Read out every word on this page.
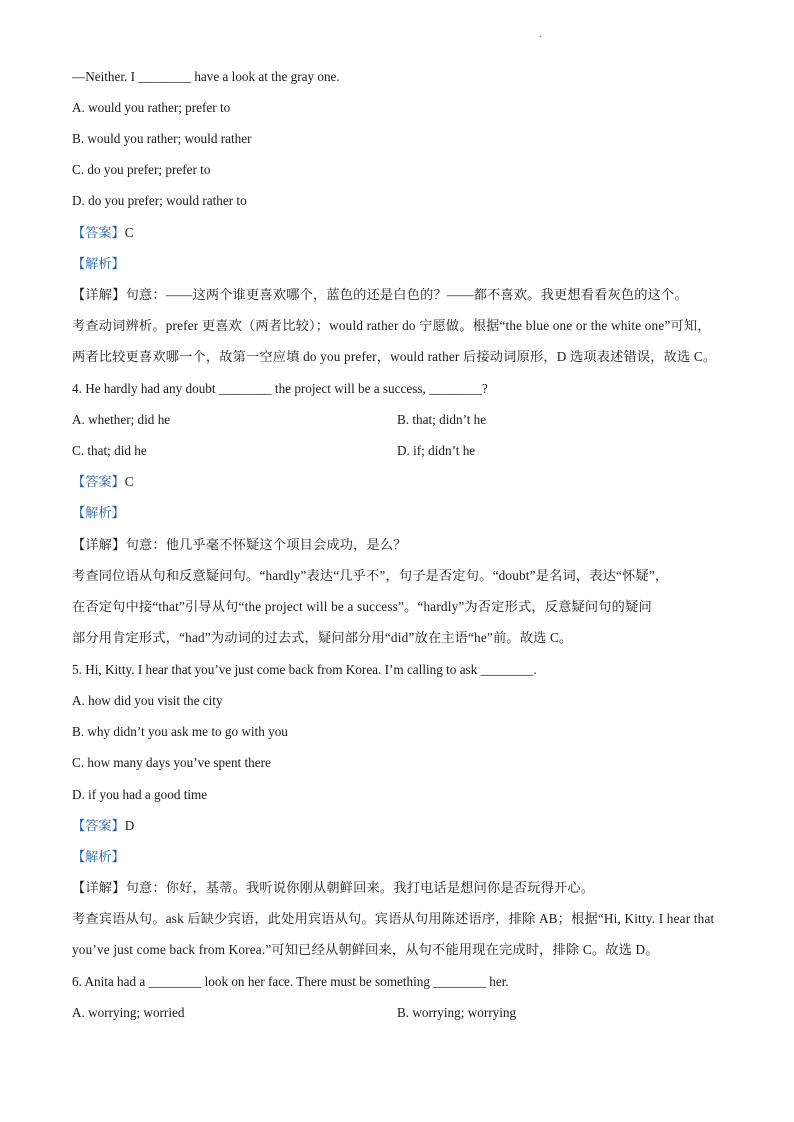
.
—Neither. I ________ have a look at the gray one.
A. would you rather; prefer to
B. would you rather; would rather
C. do you prefer; prefer to
D. do you prefer; would rather to
【答案】C
【解析】
【详解】句意：——这两个谁更喜欢哪个，蓝色的还是白色的？——都不喜欢。我更想看看灰色的这个。
考查动词辨析。prefer 更喜欢（两者比较）；would rather do 宁愿做。根据“the blue one or the white one”可知，
两者比较更喜欢哪一个，故第一空应填 do you prefer，would rather 后接动词原形，D 选项表述错误，故选 C。
4. He hardly had any doubt ________ the project will be a success, ________?
A. whether; did he	B. that; didn’t he
C. that; did he	D. if; didn’t he
【答案】C
【解析】
【详解】句意：他几乎毫不怀疑这个项目会成功，是么？
考查同位语从句和反意疑问句。“hardly”表达“几乎不”，句子是否定句。“doubt”是名词，表达“怀疑”，
在否定句中接“that”引导从句“the project will be a success”。“hardly”为否定形式，反意疑问句的疑问
部分用肯定形式，“had”为动词的过去式，疑问部分用“did”放在主语“he”前。故选 C。
5. Hi, Kitty. I hear that you’ve just come back from Korea. I’m calling to ask ________.
A. how did you visit the city
B. why didn’t you ask me to go with you
C. how many days you’ve spent there
D. if you had a good time
【答案】D
【解析】
【详解】句意：你好，基蒂。我听说你刚从朝鲜回来。我打电话是想问你是否玩得开心。
考查宾语从句。ask 后缺少宾语，此处用宾语从句。宾语从句用陈述语序，排除 AB；根据“Hi, Kitty. I hear that
you’ve just come back from Korea.”可知已经从朝鲜回来，从句不能用现在完成时，排除 C。故选 D。
6. Anita had a ________ look on her face. There must be something ________ her.
A. worrying; worried	B. worrying; worrying
